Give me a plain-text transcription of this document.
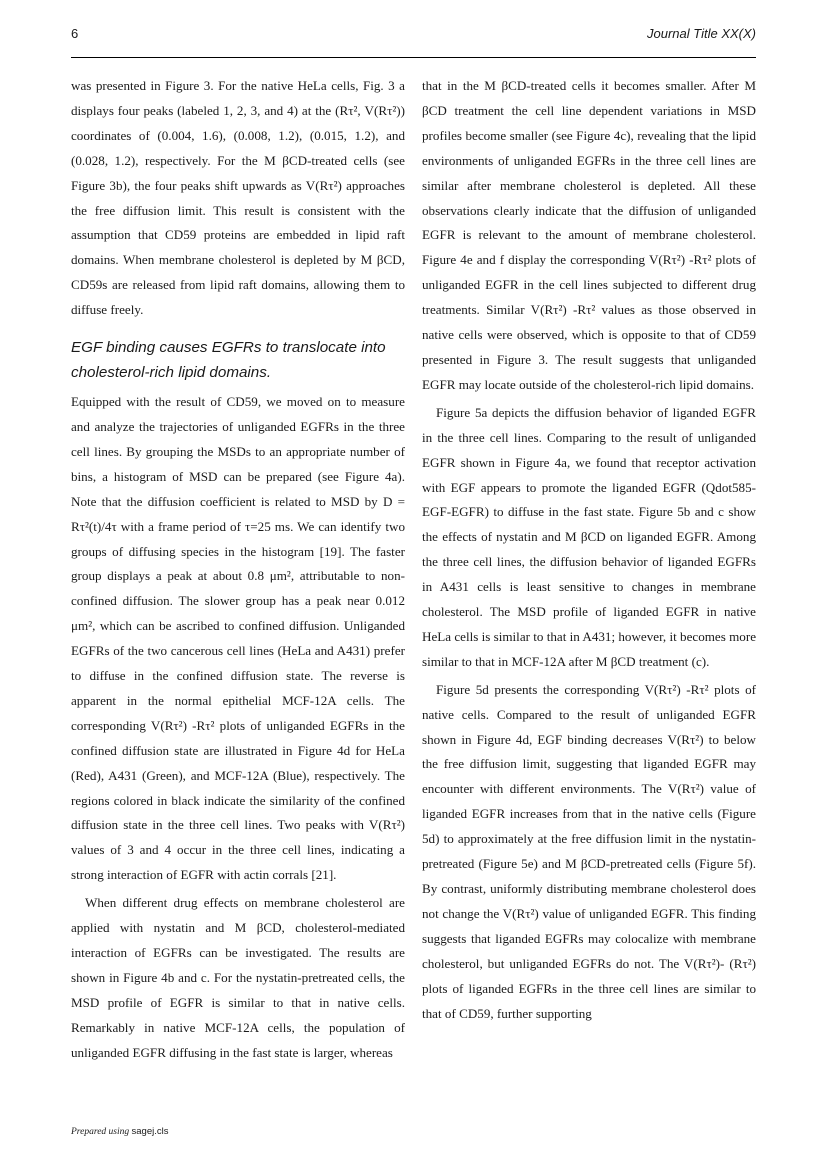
6	Journal Title XX(X)

was presented in Figure 3. For the native HeLa cells, Fig. 3 a displays four peaks (labeled 1, 2, 3, and 4) at the (Rτ², V(Rτ²)) coordinates of (0.004, 1.6), (0.008, 1.2), (0.015, 1.2), and (0.028, 1.2), respectively. For the M βCD-treated cells (see Figure 3b), the four peaks shift upwards as V(Rτ²) approaches the free diffusion limit. This result is consistent with the assumption that CD59 proteins are embedded in lipid raft domains. When membrane cholesterol is depleted by M βCD, CD59s are released from lipid raft domains, allowing them to diffuse freely.

EGF binding causes EGFRs to translocate into cholesterol-rich lipid domains.

Equipped with the result of CD59, we moved on to measure and analyze the trajectories of unliganded EGFRs in the three cell lines. By grouping the MSDs to an appropriate number of bins, a histogram of MSD can be prepared (see Figure 4a). Note that the diffusion coefficient is related to MSD by D = Rτ²(t)/4τ with a frame period of τ=25 ms. We can identify two groups of diffusing species in the histogram [19]. The faster group displays a peak at about 0.8 μm², attributable to non-confined diffusion. The slower group has a peak near 0.012 μm², which can be ascribed to confined diffusion. Unliganded EGFRs of the two cancerous cell lines (HeLa and A431) prefer to diffuse in the confined diffusion state. The reverse is apparent in the normal epithelial MCF-12A cells. The corresponding V(Rτ²) -Rτ² plots of unliganded EGFRs in the confined diffusion state are illustrated in Figure 4d for HeLa (Red), A431 (Green), and MCF-12A (Blue), respectively. The regions colored in black indicate the similarity of the confined diffusion state in the three cell lines. Two peaks with V(Rτ²) values of 3 and 4 occur in the three cell lines, indicating a strong interaction of EGFR with actin corrals [21].

When different drug effects on membrane cholesterol are applied with nystatin and M βCD, cholesterol-mediated interaction of EGFRs can be investigated. The results are shown in Figure 4b and c. For the nystatin-pretreated cells, the MSD profile of EGFR is similar to that in native cells. Remarkably in native MCF-12A cells, the population of unliganded EGFR diffusing in the fast state is larger, whereas

that in the M βCD-treated cells it becomes smaller. After M βCD treatment the cell line dependent variations in MSD profiles become smaller (see Figure 4c), revealing that the lipid environments of unliganded EGFRs in the three cell lines are similar after membrane cholesterol is depleted. All these observations clearly indicate that the diffusion of unliganded EGFR is relevant to the amount of membrane cholesterol. Figure 4e and f display the corresponding V(Rτ²) -Rτ² plots of unliganded EGFR in the cell lines subjected to different drug treatments. Similar V(Rτ²) -Rτ² values as those observed in native cells were observed, which is opposite to that of CD59 presented in Figure 3. The result suggests that unliganded EGFR may locate outside of the cholesterol-rich lipid domains.

Figure 5a depicts the diffusion behavior of liganded EGFR in the three cell lines. Comparing to the result of unliganded EGFR shown in Figure 4a, we found that receptor activation with EGF appears to promote the liganded EGFR (Qdot585-EGF-EGFR) to diffuse in the fast state. Figure 5b and c show the effects of nystatin and M βCD on liganded EGFR. Among the three cell lines, the diffusion behavior of liganded EGFRs in A431 cells is least sensitive to changes in membrane cholesterol. The MSD profile of liganded EGFR in native HeLa cells is similar to that in A431; however, it becomes more similar to that in MCF-12A after M βCD treatment (c).

Figure 5d presents the corresponding V(Rτ²) -Rτ² plots of native cells. Compared to the result of unliganded EGFR shown in Figure 4d, EGF binding decreases V(Rτ²) to below the free diffusion limit, suggesting that liganded EGFR may encounter with different environments. The V(Rτ²) value of liganded EGFR increases from that in the native cells (Figure 5d) to approximately at the free diffusion limit in the nystatin-pretreated (Figure 5e) and M βCD-pretreated cells (Figure 5f). By contrast, uniformly distributing membrane cholesterol does not change the V(Rτ²) value of unliganded EGFR. This finding suggests that liganded EGFRs may colocalize with membrane cholesterol, but unliganded EGFRs do not. The V(Rτ²)- (Rτ²) plots of liganded EGFRs in the three cell lines are similar to that of CD59, further supporting

Prepared using sagej.cls
